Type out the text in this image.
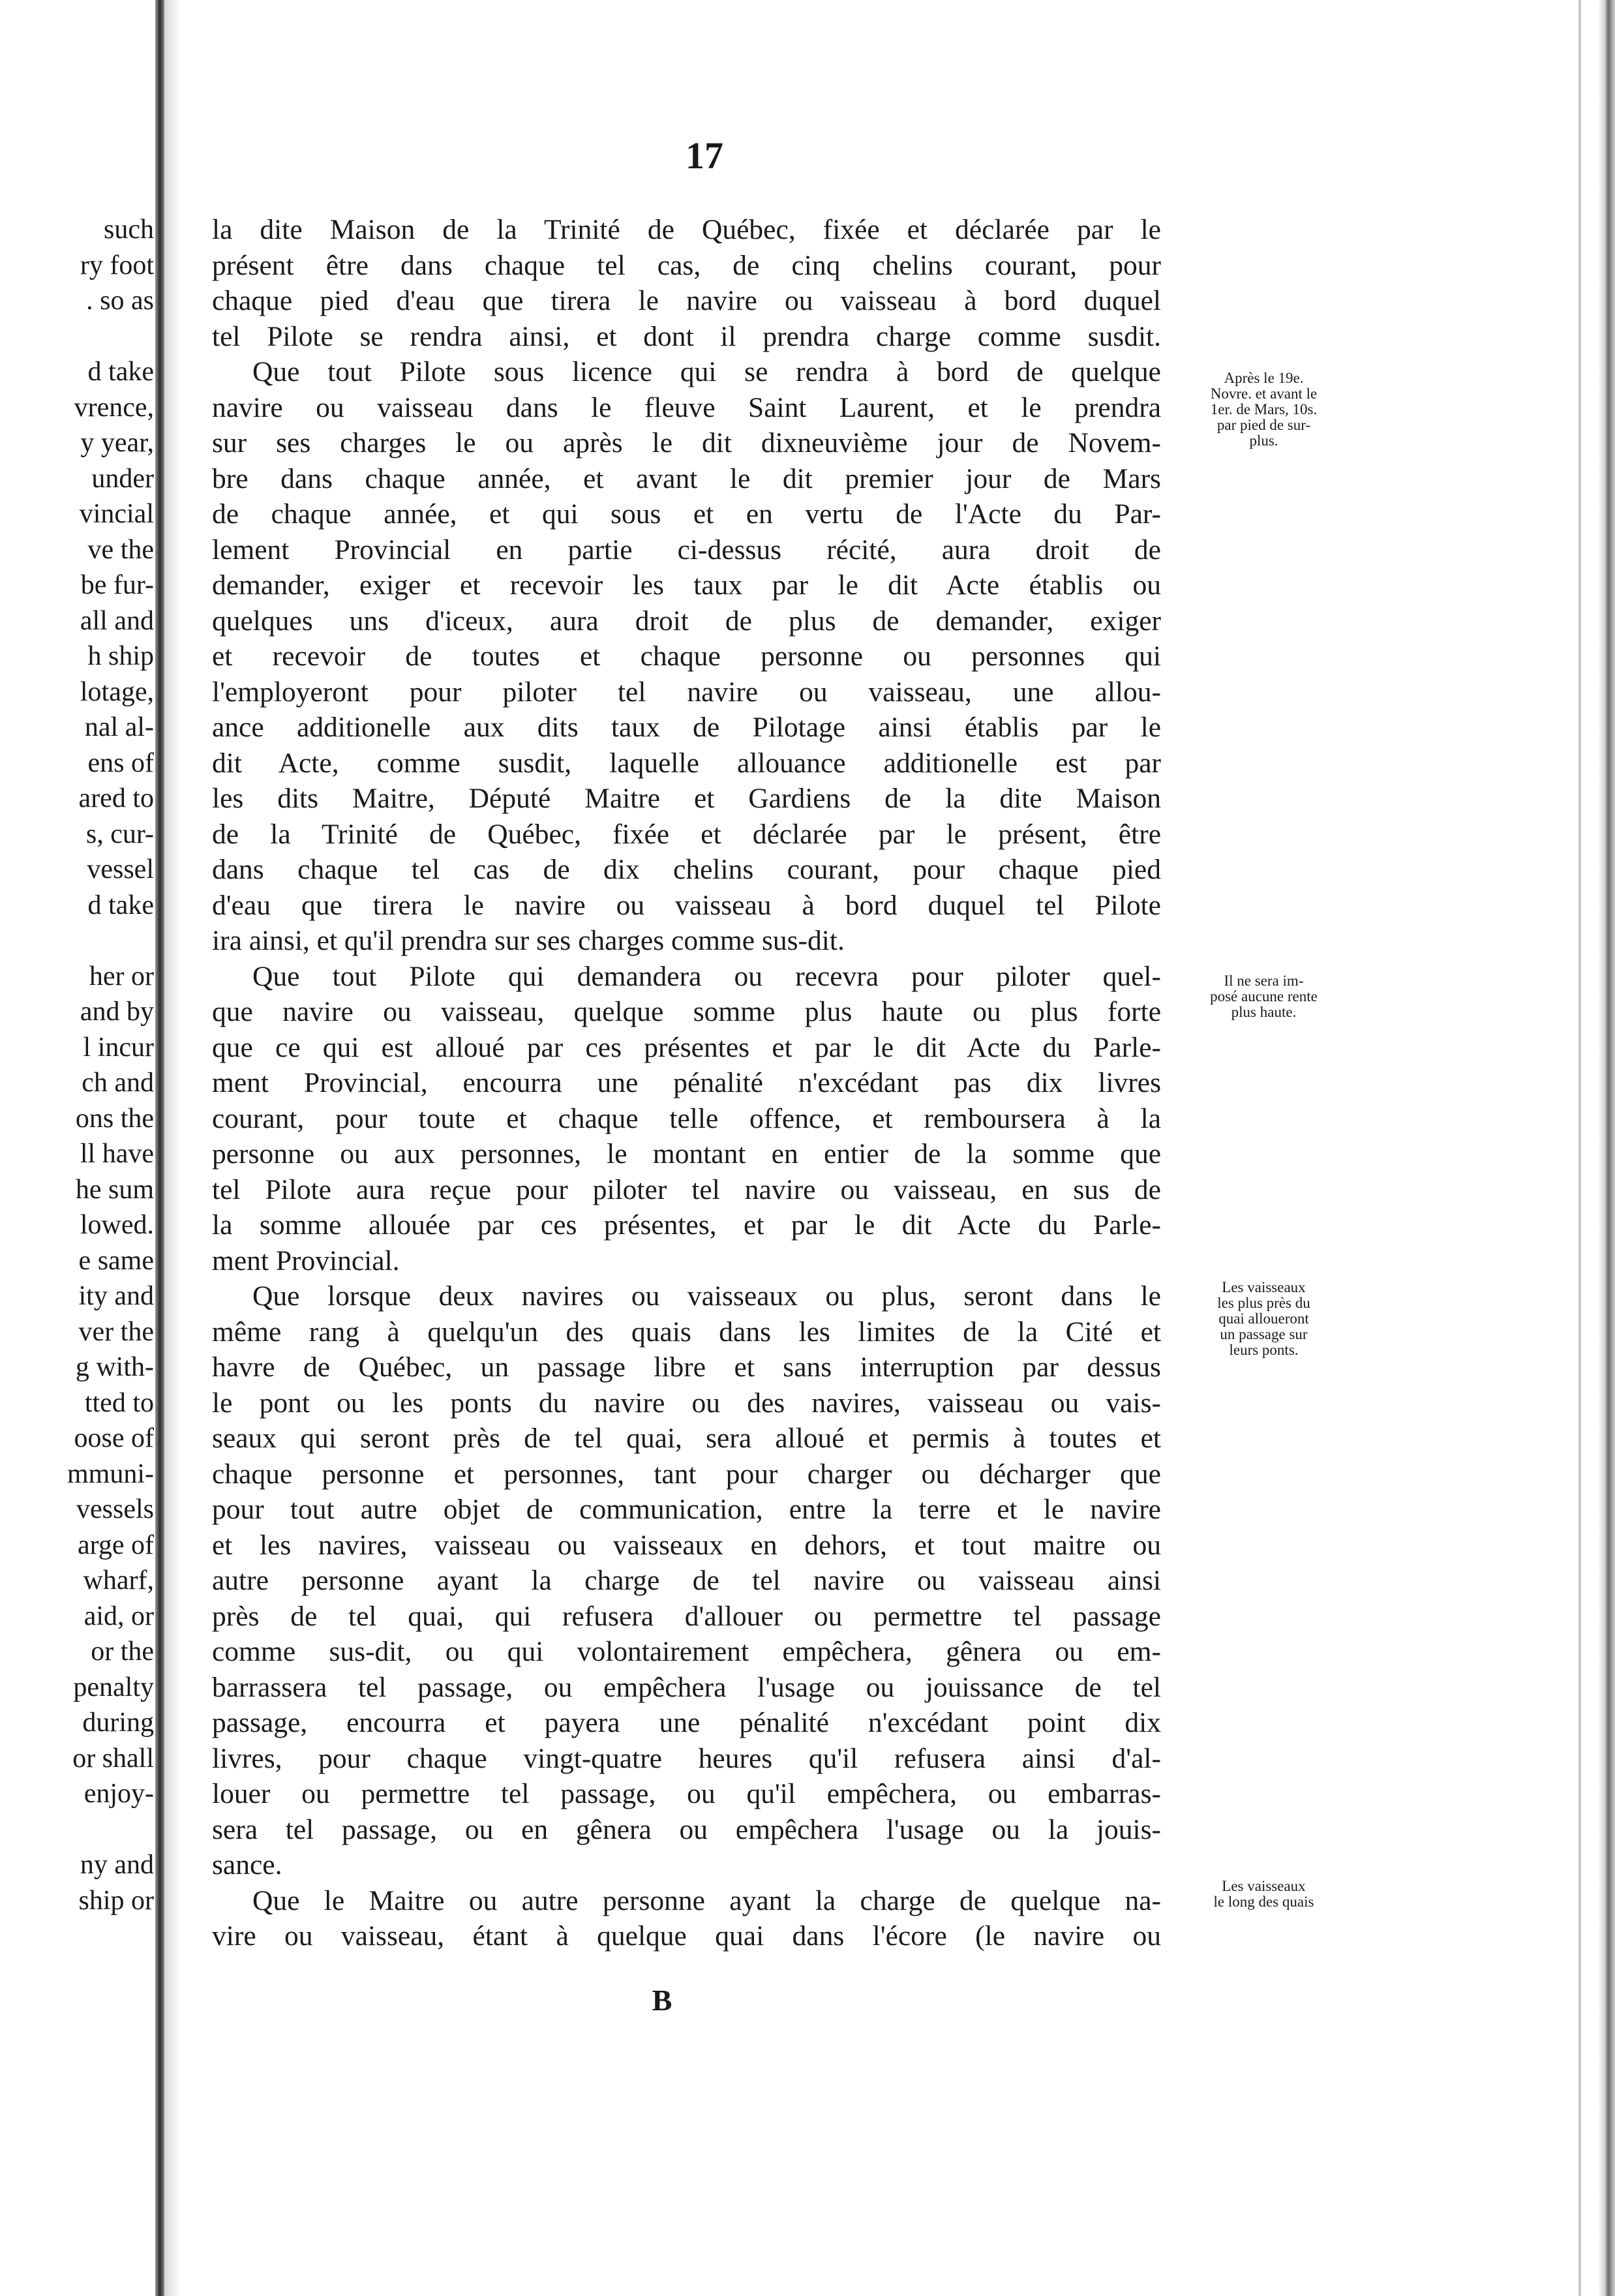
such
ry foot
. so as
d take
vrence,
y year,
under
vincial
ve the
be fur-
all and
h ship
lotage,
nal al-
ens of
ared to
s, cur-
vessel
d take
her or
and by
l incur
ch and
ons the
ll have
he sum
lowed.
e same
ity and
ver the
g with-
tted to
oose of
mmuni-
vessels
arge of
wharf,
aid, or
or the
penalty
during
or shall
enjoy-
ny and
ship or
17
la dite Maison de la Trinité de Québec, fixée et déclarée par le
présent être dans chaque tel cas, de cinq chelins courant, pour
chaque pied d'eau que tirera le navire ou vaisseau à bord duquel
tel Pilote se rendra ainsi, et dont il prendra charge comme susdit.
Que tout Pilote sous licence qui se rendra à bord de quelque
navire ou vaisseau dans le fleuve Saint Laurent, et le prendra
sur ses charges le ou après le dit dixneuvième jour de Novem-
bre dans chaque année, et avant le dit premier jour de Mars
de chaque année, et qui sous et en vertu de l'Acte du Par-
lement Provincial en partie ci-dessus récité, aura droit de
demander, exiger et recevoir les taux par le dit Acte établis ou
quelques uns d'iceux, aura droit de plus de demander, exiger
et recevoir de toutes et chaque personne ou personnes qui
l'employeront pour piloter tel navire ou vaisseau, une allou-
ance additionelle aux dits taux de Pilotage ainsi établis par le
dit Acte, comme susdit, laquelle allouance additionelle est par
les dits Maitre, Député Maitre et Gardiens de la dite Maison
de la Trinité de Québec, fixée et déclarée par le présent, être
dans chaque tel cas de dix chelins courant, pour chaque pied
d'eau que tirera le navire ou vaisseau à bord duquel tel Pilote
ira ainsi, et qu'il prendra sur ses charges comme sus-dit.
Que tout Pilote qui demandera ou recevra pour piloter quel-
que navire ou vaisseau, quelque somme plus haute ou plus forte
que ce qui est alloué par ces présentes et par le dit Acte du Parle-
ment Provincial, encourra une pénalité n'excédant pas dix livres
courant, pour toute et chaque telle offence, et remboursera à la
personne ou aux personnes, le montant en entier de la somme que
tel Pilote aura reçue pour piloter tel navire ou vaisseau, en sus de
la somme allouée par ces présentes, et par le dit Acte du Parle-
ment Provincial.
Que lorsque deux navires ou vaisseaux ou plus, seront dans le
même rang à quelqu'un des quais dans les limites de la Cité et
havre de Québec, un passage libre et sans interruption par dessus
le pont ou les ponts du navire ou des navires, vaisseau ou vais-
seaux qui seront près de tel quai, sera alloué et permis à toutes et
chaque personne et personnes, tant pour charger ou décharger que
pour tout autre objet de communication, entre la terre et le navire
et les navires, vaisseau ou vaisseaux en dehors, et tout maitre ou
autre personne ayant la charge de tel navire ou vaisseau ainsi
près de tel quai, qui refusera d'allouer ou permettre tel passage
comme sus-dit, ou qui volontairement empêchera, gênera ou em-
barrassera tel passage, ou empêchera l'usage ou jouissance de tel
passage, encourra et payera une pénalité n'excédant point dix
livres, pour chaque vingt-quatre heures qu'il refusera ainsi d'al-
louer ou permettre tel passage, ou qu'il empêchera, ou embarras-
sera tel passage, ou en gênera ou empêchera l'usage ou la jouis-
sance.
Que le Maitre ou autre personne ayant la charge de quelque na-
vire ou vaisseau, étant à quelque quai dans l'écore (le navire ou
Après le 19e.
Novre. et avant le
1er. de Mars, 10s.
par pied de sur-
plus.
Il ne sera im-
posé aucune rente
plus haute.
Les vaisseaux
les plus près du
quai alloueront
un passage sur
leurs ponts.
Les vaisseaux
le long des quais
B
